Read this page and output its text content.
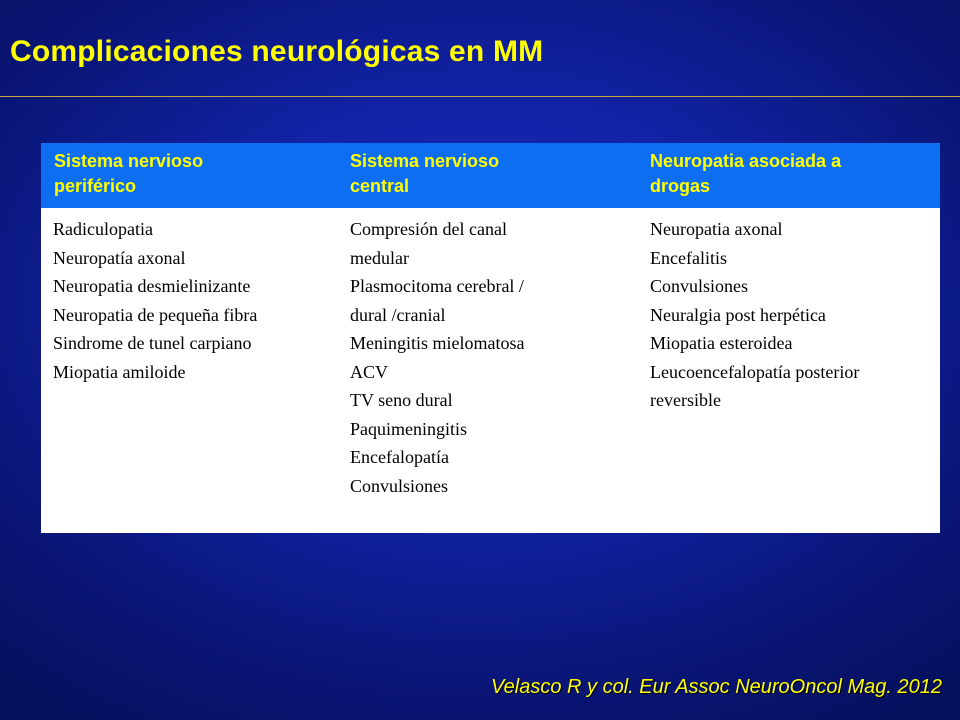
Complicaciones neurológicas en MM
Sistema nervioso
periférico
Sistema nervioso
central
Neuropatia asociada a
drogas
Radiculopatia
Neuropatía axonal
Neuropatia desmielinizante
Neuropatia de pequeña fibra
Sindrome de tunel carpiano
Miopatia amiloide
Compresión del canal
medular
Plasmocitoma cerebral /
dural /cranial
Meningitis mielomatosa
ACV
TV seno dural
Paquimeningitis
Encefalopatía
Convulsiones
Neuropatia axonal
Encefalitis
Convulsiones
Neuralgia post herpética
Miopatia esteroidea
Leucoencefalopatía posterior
reversible
Velasco R y col. Eur Assoc NeuroOncol Mag. 2012
